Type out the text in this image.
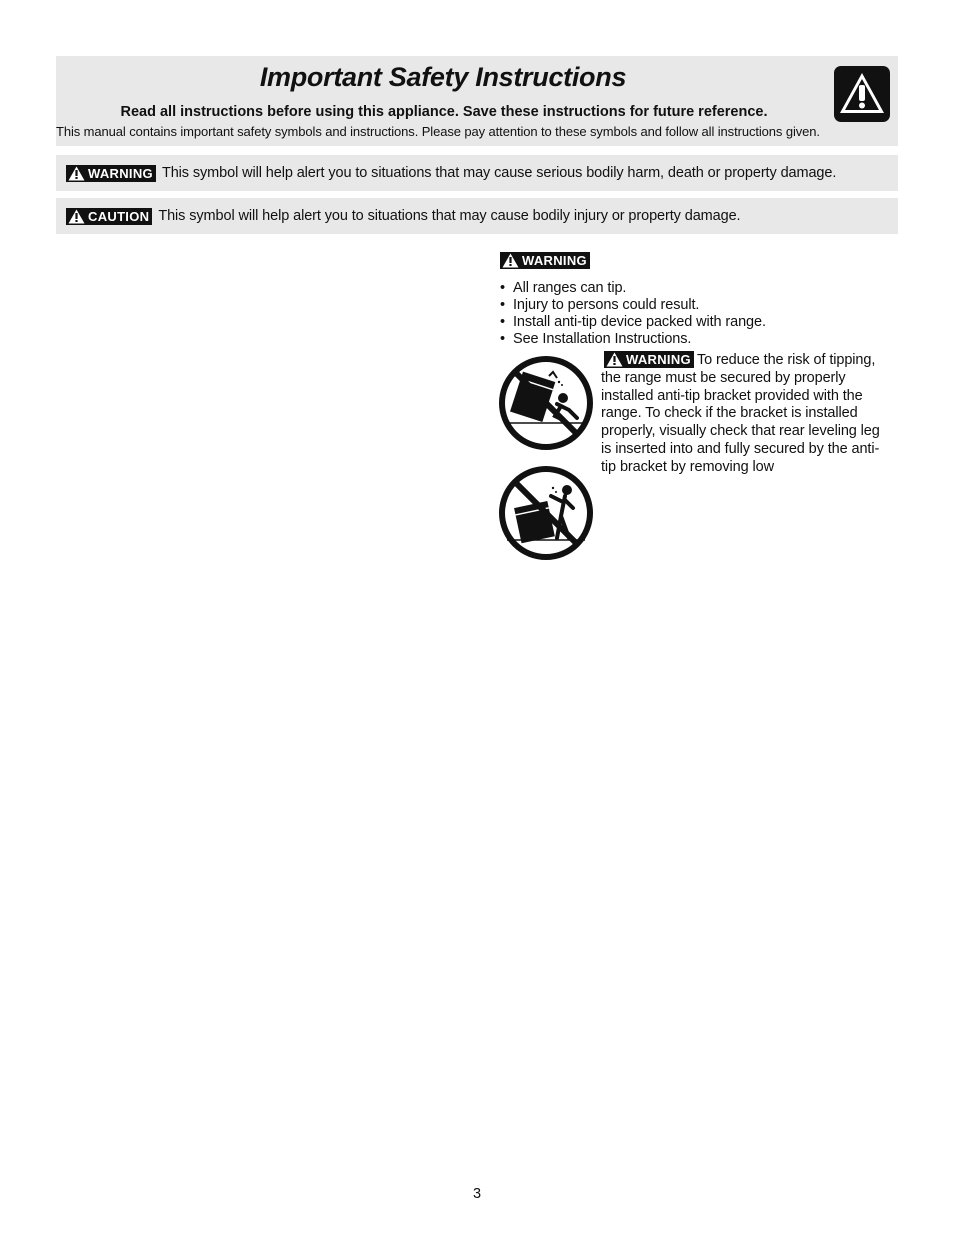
Important Safety Instructions
Read all instructions before using this appliance. Save these instructions for future reference.
This manual contains important safety symbols and instructions. Please pay attention to these symbols and follow all instructions given.
WARNING This symbol will help alert you to situations that may cause serious bodily harm, death or property damage.
CAUTION This symbol will help alert you to situations that may cause bodily injury or property damage.
WARNING
• All ranges can tip.
• Injury to persons could result.
• Install anti-tip device packed with range.
• See Installation Instructions.
WARNING To reduce the risk of tipping, the range must be secured by properly installed anti-tip bracket provided with the range. To check if the bracket is installed properly, visually check that rear leveling leg is inserted into and fully secured by the anti-tip bracket by removing low
3
